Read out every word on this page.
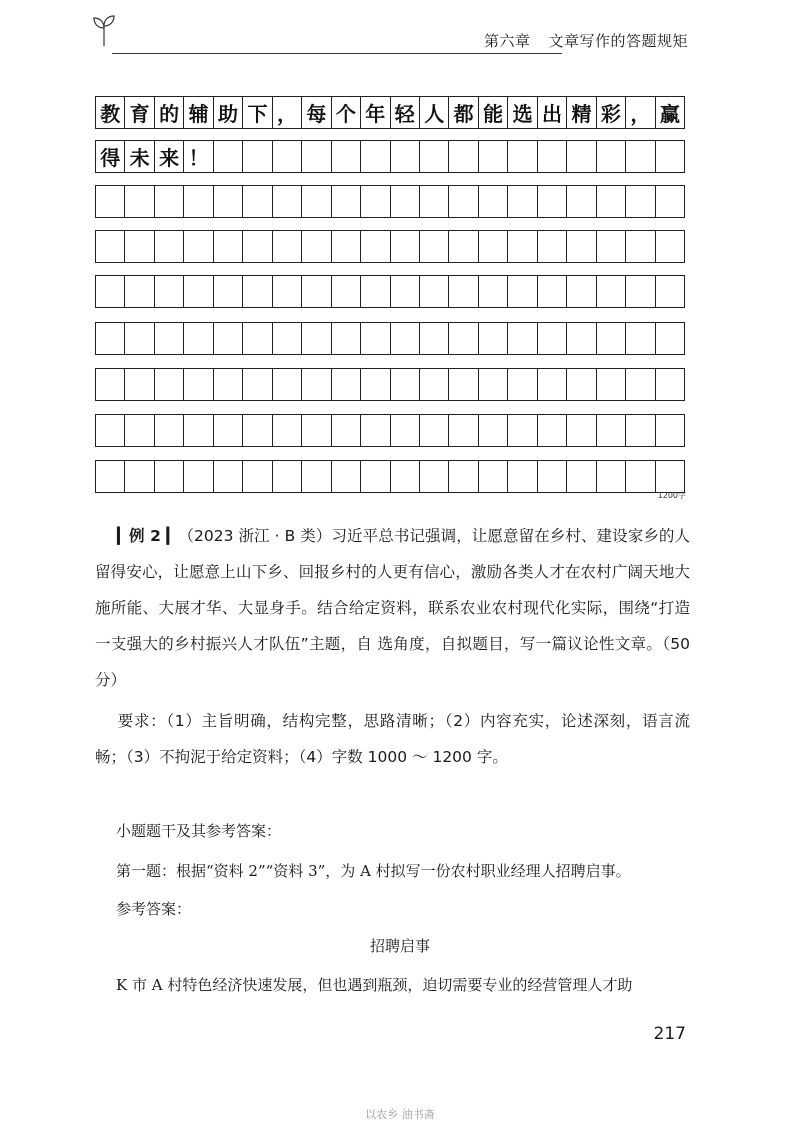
第六章 文章写作的答题规矩
教 育 的 辅 助 下 ， 每 个 年 轻 人 都 能 选 出 精 彩 ， 赢
得 未 来 ！
1200字
▎例 2 ▎（2023 浙江 · B 类）习近平总书记强调，让愿意留在乡村、建设家乡的人留得安心，让愿意上山下乡、回报乡村的人更有信心，激励各类人才在农村广阔天地大施所能、大展才华、大显身手。结合给定资料，联系农业农村现代化实际，围绕“打造一支强大的乡村振兴人才队伍”主题，自 选角度，自拟题目，写一篇议论性文章。（50 分）
要求：（1）主旨明确，结构完整，思路清晰；（2）内容充实，论述深刻，语言流畅；（3）不拘泥于给定资料；（4）字数 1000 ～ 1200 字。
小题题干及其参考答案：
第一题：根据“资料 2”“资料 3”，为 A 村拟写一份农村职业经理人招聘启事。
参考答案：
招聘启事
K 市 A 村特色经济快速发展，但也遇到瓶颈，迫切需要专业的经营管理人才助
217
以农乡 油书斋
